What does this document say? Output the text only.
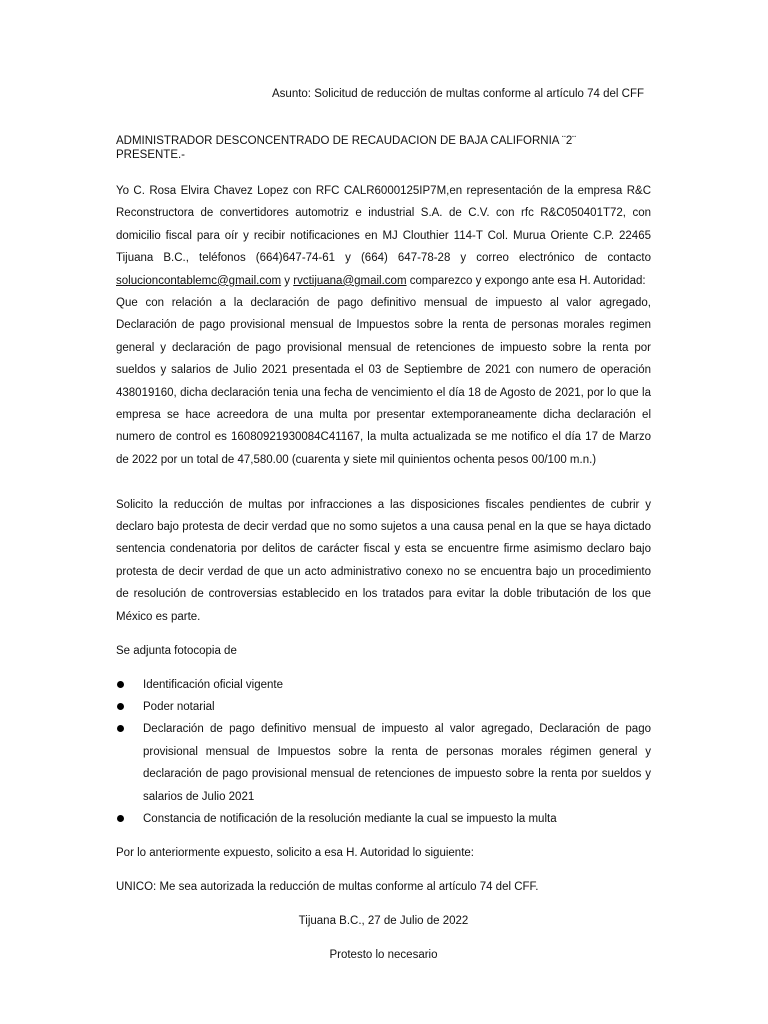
Asunto: Solicitud de reducción de multas conforme al artículo 74 del CFF

ADMINISTRADOR DESCONCENTRADO DE RECAUDACION DE BAJA CALIFORNIA ¨2¨
PRESENTE.-

Yo C. Rosa Elvira Chavez Lopez con RFC CALR6000125IP7M,en representación de la empresa R&C Reconstructora de convertidores automotriz e industrial S.A. de C.V. con rfc R&C050401T72, con domicilio fiscal para oír y recibir notificaciones en MJ Clouthier 114-T Col. Murua Oriente C.P. 22465 Tijuana B.C., teléfonos (664)647-74-61 y (664) 647-78-28 y correo electrónico de contacto solucioncontablemc@gmail.com y rvctijuana@gmail.com comparezco y expongo ante esa H. Autoridad:

Que con relación a la declaración de pago definitivo mensual de impuesto al valor agregado, Declaración de pago provisional mensual de Impuestos sobre la renta de personas morales regimen general y declaración de pago provisional mensual de retenciones de impuesto sobre la renta por sueldos y salarios de Julio 2021 presentada el 03 de Septiembre de 2021 con numero de operación 438019160, dicha declaración tenia una fecha de vencimiento el día 18 de Agosto de 2021, por lo que la empresa se hace acreedora de una multa por presentar extemporaneamente dicha declaración el numero de control es 16080921930084C41167, la multa actualizada se me notifico el día 17 de Marzo de 2022 por un total de 47,580.00 (cuarenta y siete mil quinientos ochenta pesos 00/100 m.n.)

Solicito la reducción de multas por infracciones a las disposiciones fiscales pendientes de cubrir y declaro bajo protesta de decir verdad que no somo sujetos a una causa penal en la que se haya dictado sentencia condenatoria por delitos de carácter fiscal y esta se encuentre firme asimismo declaro bajo protesta de decir verdad de que un acto administrativo conexo no se encuentra bajo un procedimiento de resolución de controversias establecido en los tratados para evitar la doble tributación de los que México es parte.

Se adjunta fotocopia de

Identificación oficial vigente
Poder notarial
Declaración de pago definitivo mensual de impuesto al valor agregado, Declaración de pago provisional mensual de Impuestos sobre la renta de personas morales régimen general y declaración de pago provisional mensual de retenciones de impuesto sobre la renta por sueldos y salarios de Julio 2021
Constancia de notificación de la resolución mediante la cual se impuesto la multa

Por lo anteriormente expuesto, solicito a esa H. Autoridad lo siguiente:

UNICO: Me sea autorizada la reducción de multas conforme al artículo 74 del CFF.

Tijuana B.C., 27 de Julio de 2022

Protesto lo necesario
